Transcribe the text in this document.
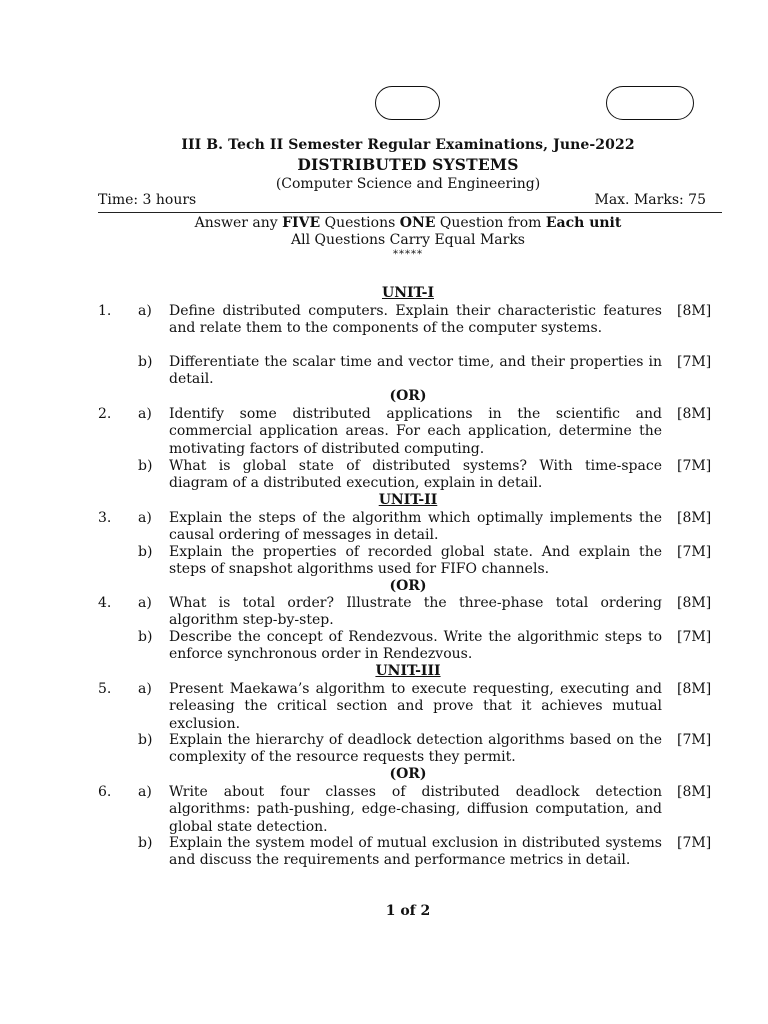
III B. Tech II Semester Regular Examinations, June-2022
DISTRIBUTED SYSTEMS
(Computer Science and Engineering)
Time: 3 hours	Max. Marks: 75
Answer any FIVE Questions ONE Question from Each unit
All Questions Carry Equal Marks
*****
UNIT-I
1. a) Define distributed computers. Explain their characteristic features and relate them to the components of the computer systems.
[8M]
b) Differentiate the scalar time and vector time, and their properties in detail.
[7M]
(OR)
2. a) Identify some distributed applications in the scientific and commercial application areas. For each application, determine the motivating factors of distributed computing.
[8M]
b) What is global state of distributed systems? With time-space diagram of a distributed execution, explain in detail.
[7M]
UNIT-II
3. a) Explain the steps of the algorithm which optimally implements the causal ordering of messages in detail.
[8M]
b) Explain the properties of recorded global state. And explain the steps of snapshot algorithms used for FIFO channels.
[7M]
(OR)
4. a) What is total order? Illustrate the three-phase total ordering algorithm step-by-step.
[8M]
b) Describe the concept of Rendezvous. Write the algorithmic steps to enforce synchronous order in Rendezvous.
[7M]
UNIT-III
5. a) Present Maekawa’s algorithm to execute requesting, executing and releasing the critical section and prove that it achieves mutual exclusion.
[8M]
b) Explain the hierarchy of deadlock detection algorithms based on the complexity of the resource requests they permit.
[7M]
(OR)
6. a) Write about four classes of distributed deadlock detection algorithms: path-pushing, edge-chasing, diffusion computation, and global state detection.
[8M]
b) Explain the system model of mutual exclusion in distributed systems and discuss the requirements and performance metrics in detail.
[7M]
1 of 2
